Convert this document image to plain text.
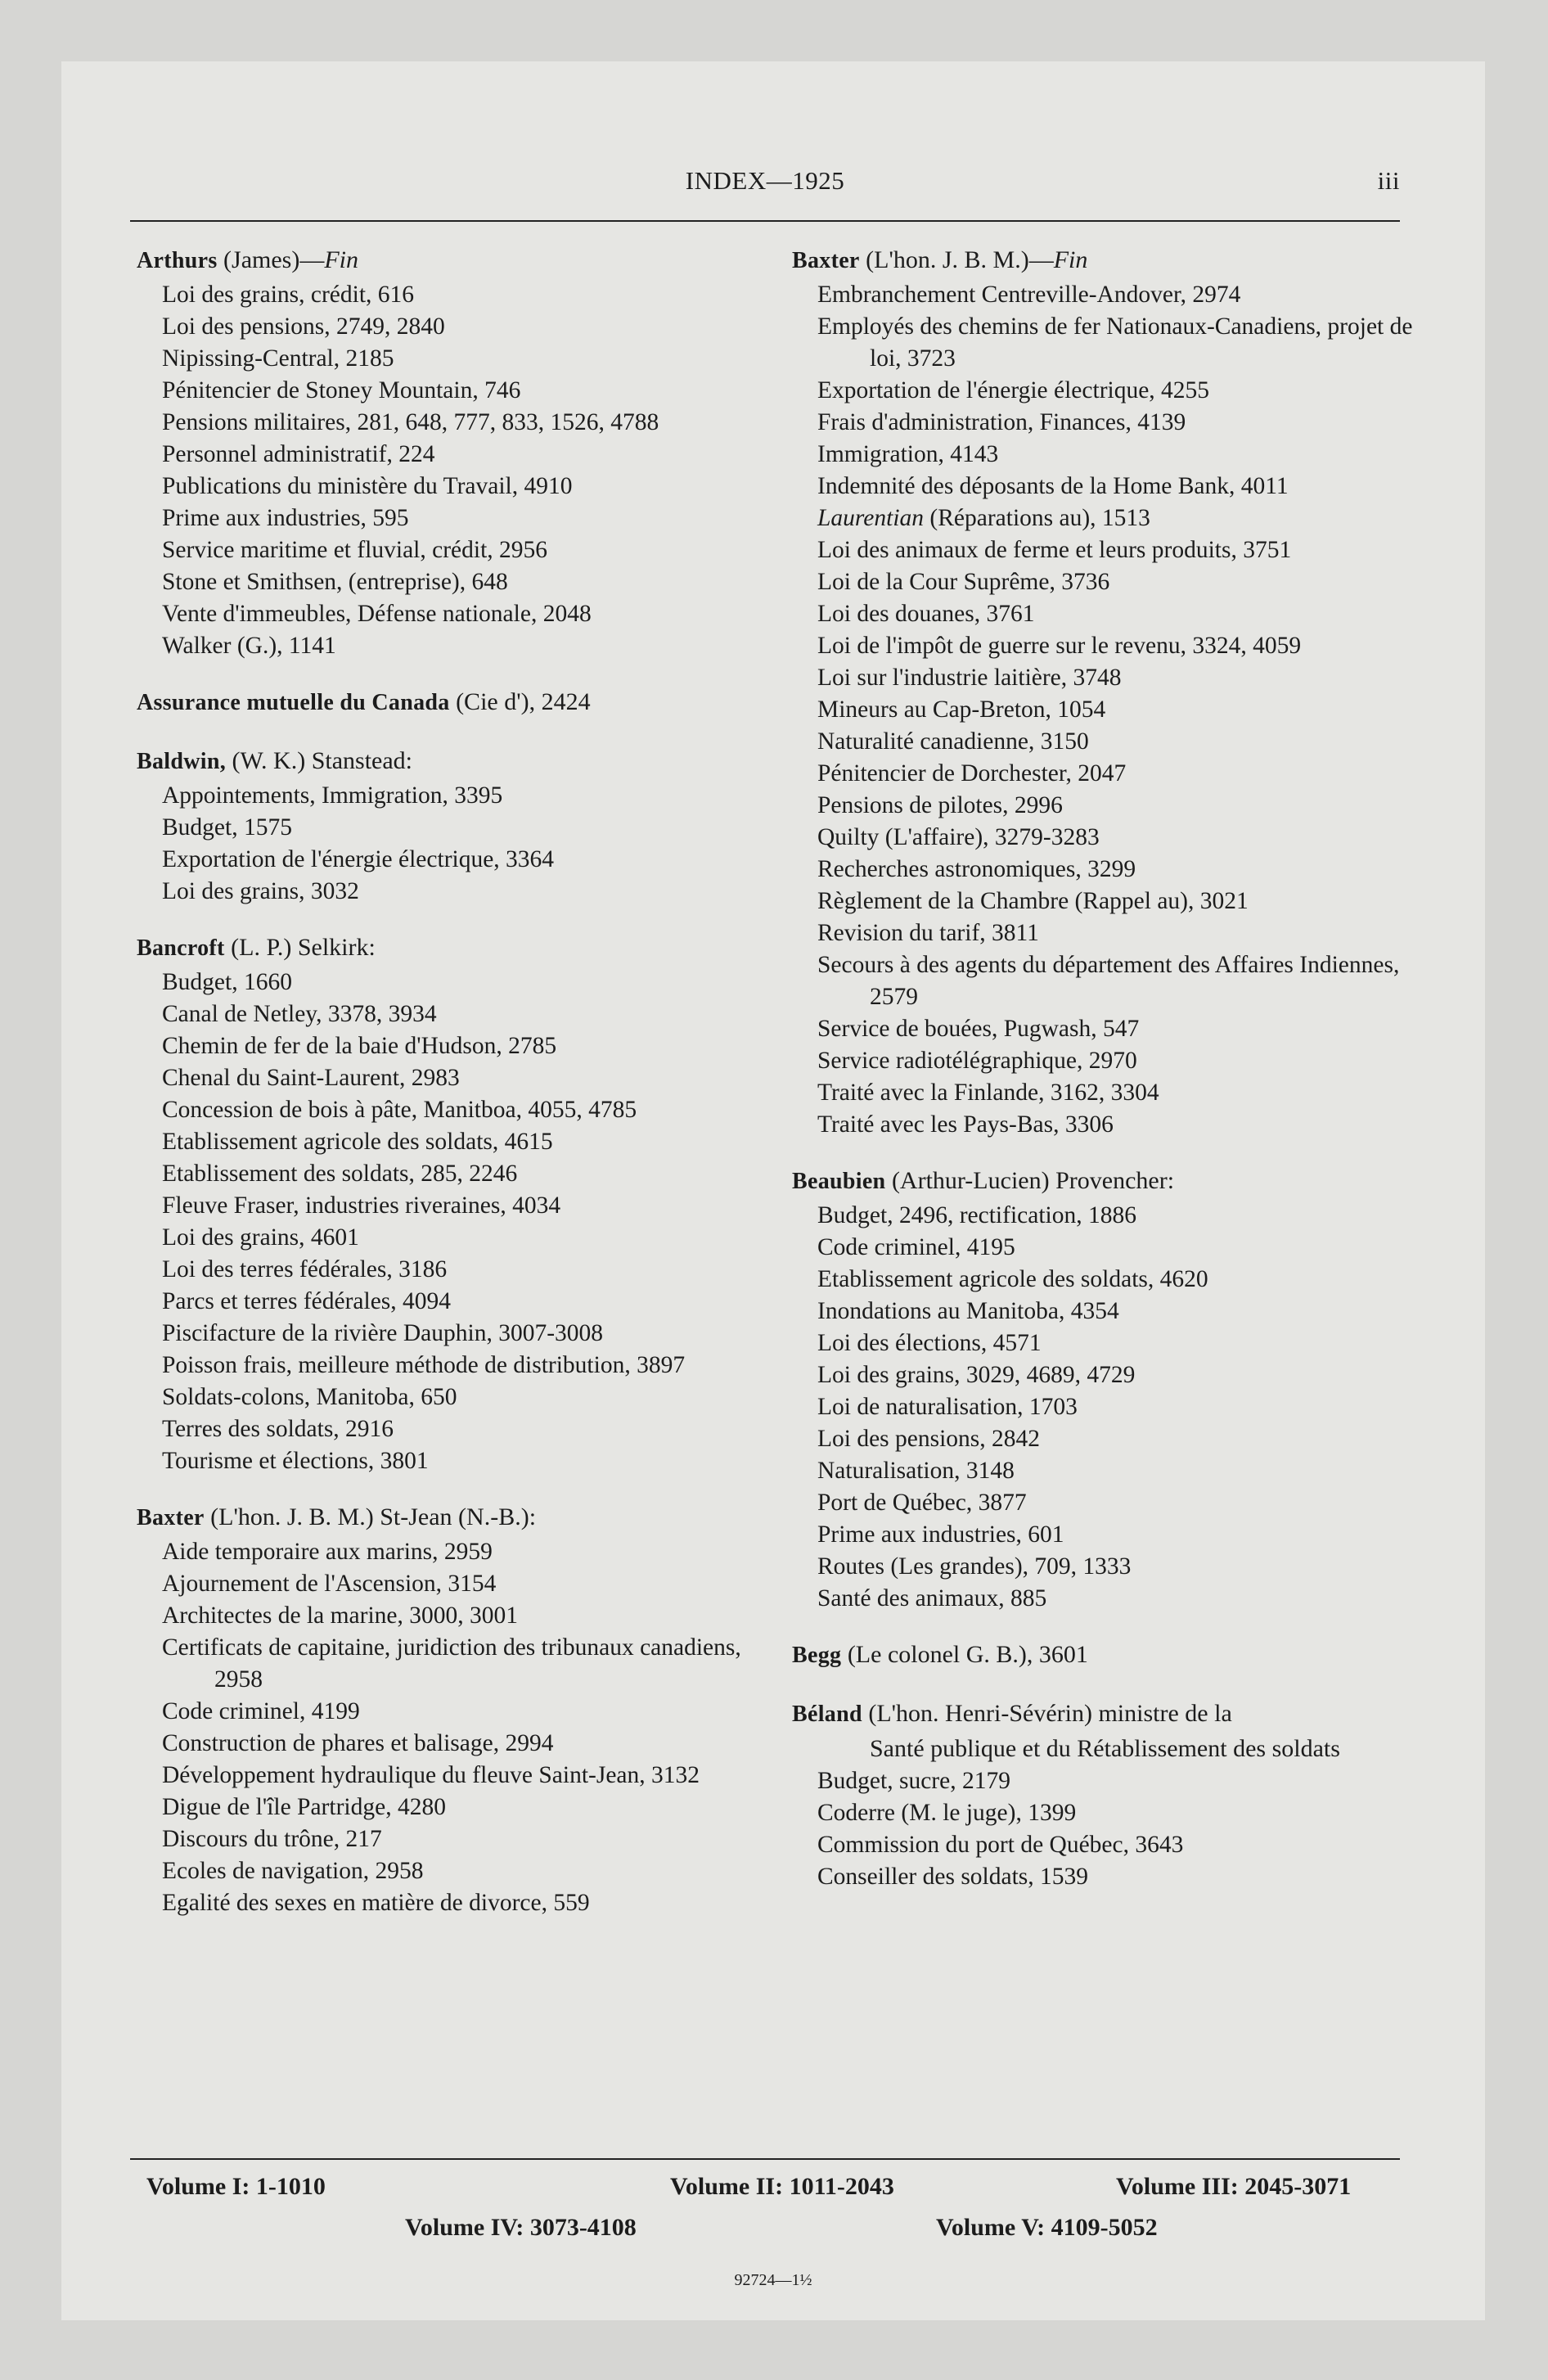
INDEX—1925	iii
Arthurs (James)—Fin

Loi des grains, crédit, 616

Loi des pensions, 2749, 2840

Nipissing-Central, 2185

Pénitencier de Stoney Mountain, 746

Pensions militaires, 281, 648, 777, 833, 1526, 4788

Personnel administratif, 224

Publications du ministère du Travail, 4910

Prime aux industries, 595

Service maritime et fluvial, crédit, 2956

Stone et Smithsen, (entreprise), 648

Vente d'immeubles, Défense nationale, 2048

Walker (G.), 1141

Assurance mutuelle du Canada (Cie d'), 2424
Baldwin, (W. K.) Stanstead:

Appointements, Immigration, 3395

Budget, 1575

Exportation de l'énergie électrique, 3364

Loi des grains, 3032

Bancroft (L. P.) Selkirk:

Budget, 1660

Canal de Netley, 3378, 3934

Chemin de fer de la baie d'Hudson, 2785

Chenal du Saint-Laurent, 2983

Concession de bois à pâte, Manitboa, 4055, 4785

Etablissement agricole des soldats, 4615

Etablissement des soldats, 285, 2246

Fleuve Fraser, industries riveraines, 4034

Loi des grains, 4601

Loi des terres fédérales, 3186

Parcs et terres fédérales, 4094

Piscifacture de la rivière Dauphin, 3007-3008

Poisson frais, meilleure méthode de distribution, 3897

Soldats-colons, Manitoba, 650

Terres des soldats, 2916

Tourisme et élections, 3801

Baxter (L'hon. J. B. M.) St-Jean (N.-B.):

Aide temporaire aux marins, 2959

Ajournement de l'Ascension, 3154

Architectes de la marine, 3000, 3001

Certificats de capitaine, juridiction des tribunaux canadiens, 2958

Code criminel, 4199

Construction de phares et balisage, 2994

Développement hydraulique du fleuve Saint-Jean, 3132

Digue de l'île Partridge, 4280

Discours du trône, 217

Ecoles de navigation, 2958

Egalité des sexes en matière de divorce, 559

Baxter (L'hon. J. B. M.)—Fin

Embranchement Centreville-Andover, 2974

Employés des chemins de fer Nationaux-Canadiens, projet de loi, 3723

Exportation de l'énergie électrique, 4255

Frais d'administration, Finances, 4139

Immigration, 4143

Indemnité des déposants de la Home Bank, 4011

Laurentian (Réparations au), 1513

Loi des animaux de ferme et leurs produits, 3751

Loi de la Cour Suprême, 3736

Loi des douanes, 3761

Loi de l'impôt de guerre sur le revenu, 3324, 4059

Loi sur l'industrie laitière, 3748

Mineurs au Cap-Breton, 1054

Naturalité canadienne, 3150

Pénitencier de Dorchester, 2047

Pensions de pilotes, 2996

Quilty (L'affaire), 3279-3283

Recherches astronomiques, 3299

Règlement de la Chambre (Rappel au), 3021

Revision du tarif, 3811

Secours à des agents du département des Affaires Indiennes, 2579

Service de bouées, Pugwash, 547

Service radiotélégraphique, 2970

Traité avec la Finlande, 3162, 3304

Traité avec les Pays-Bas, 3306

Beaubien (Arthur-Lucien) Provencher:

Budget, 2496, rectification, 1886

Code criminel, 4195

Etablissement agricole des soldats, 4620

Inondations au Manitoba, 4354

Loi des élections, 4571

Loi des grains, 3029, 4689, 4729

Loi de naturalisation, 1703

Loi des pensions, 2842

Naturalisation, 3148

Port de Québec, 3877

Prime aux industries, 601

Routes (Les grandes), 709, 1333

Santé des animaux, 885

Begg (Le colonel G. B.), 3601
Béland (L'hon. Henri-Sévérin) ministre de la
Santé publique et du Rétablissement des soldats

Budget, sucre, 2179

Coderre (M. le juge), 1399

Commission du port de Québec, 3643

Conseiller des soldats, 1539

Volume I: 1-1010	Volume II: 1011-2043	Volume III: 2045-3071
Volume IV: 3073-4108	Volume V: 4109-5052
92724—1½
